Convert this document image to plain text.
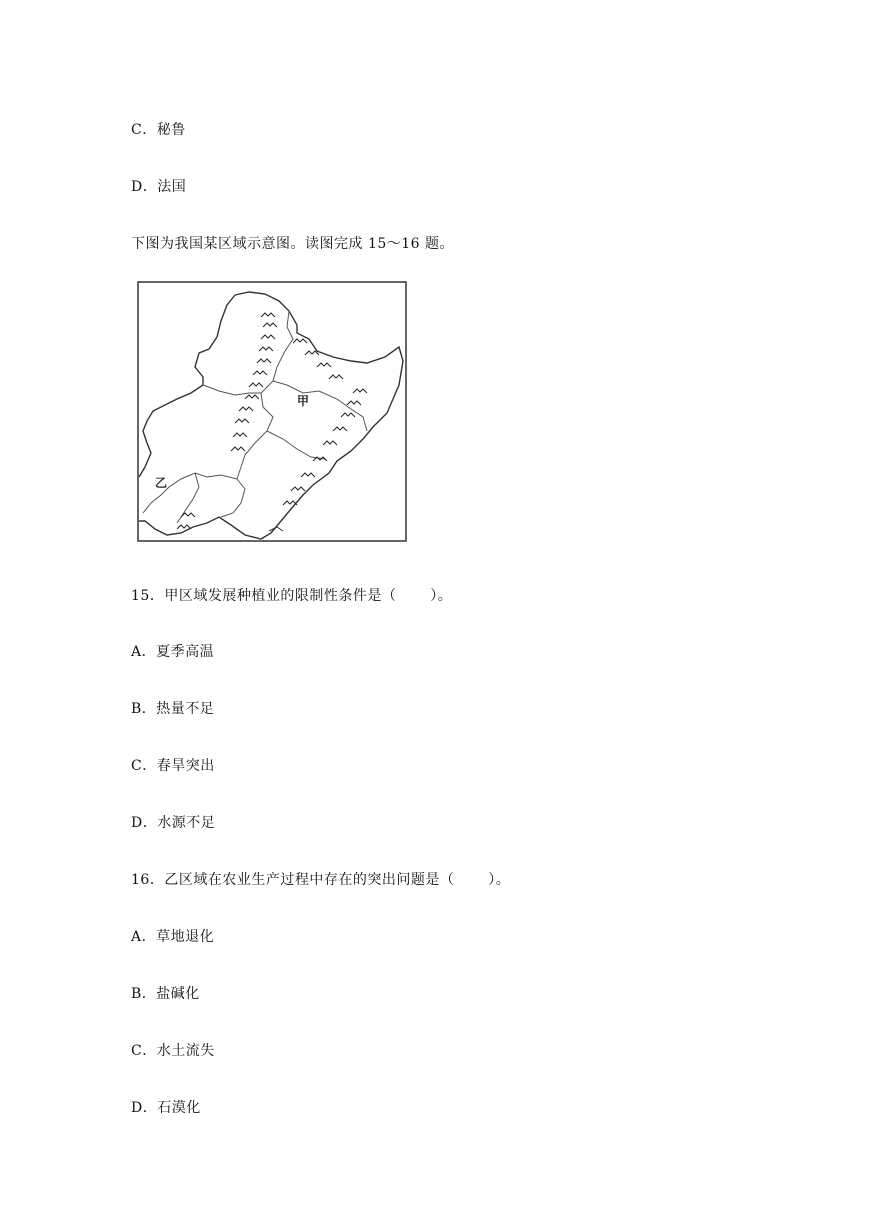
C．秘鲁
D．法国
下图为我国某区域示意图。读图完成 15～16 题。
甲
乙
15．甲区域发展种植业的限制性条件是（　　 ）。
A．夏季高温
B．热量不足
C．春旱突出
D．水源不足
16．乙区域在农业生产过程中存在的突出问题是（　　 ）。
A．草地退化
B．盐碱化
C．水土流失
D．石漠化
